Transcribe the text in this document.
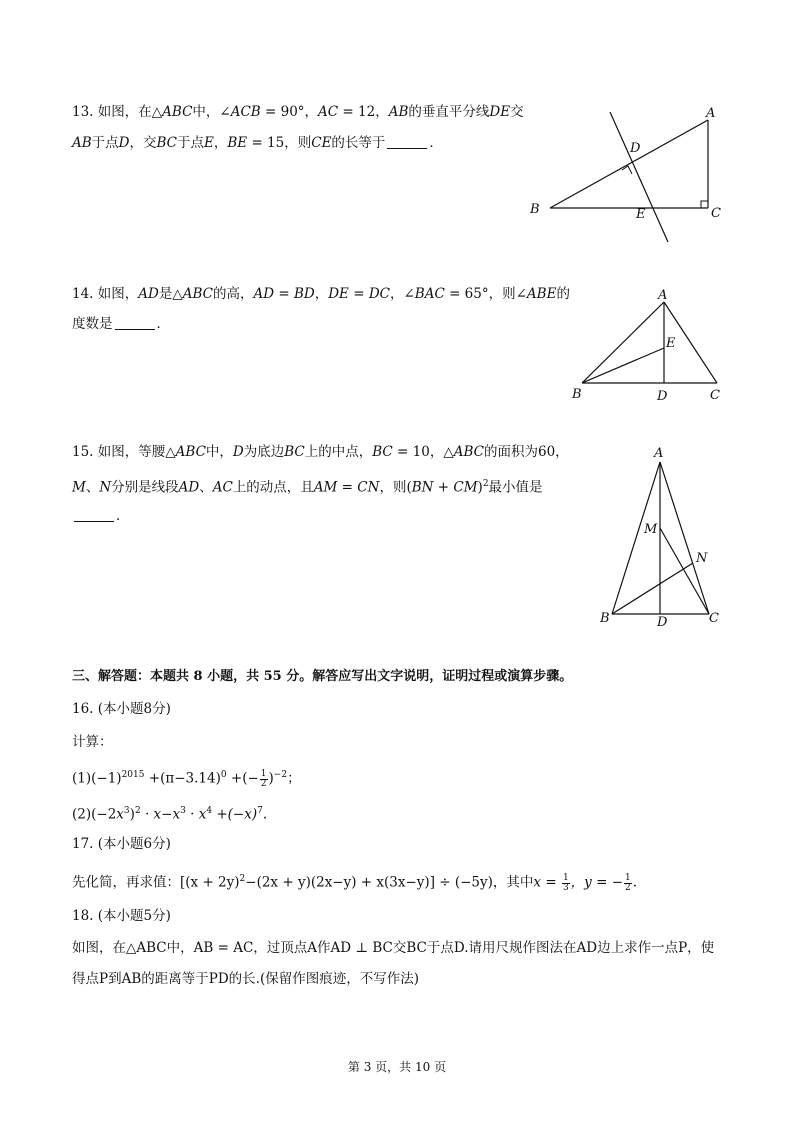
13. 如图，在△ABC中，∠ACB = 90°，AC = 12，AB的垂直平分线DE交
AB于点D，交BC于点E，BE = 15，则CE的长等于	．
A
B	C
D
E
14. 如图，AD是△ABC的高，AD = BD，DE = DC，∠BAC = 65°，则∠ABE的
度数是	．
A
B	C
D
E
15. 如图，等腰△ABC中，D为底边BC上的中点，BC = 10，△ABC的面积为60，
M、N分别是线段AD、AC上的动点，且AM = CN，则(BN + CM)$^2$最小值是
．
A
B	C
D
M
N
三、解答题：本题共 8 小题，共 55 分。解答应写出文字说明，证明过程或演算步骤。
16. (本小题8分)
计算：
$(1)(-1)^{2015} +(\pi-3.14)^0$ +(− $\frac{1}{2} )^{-2}$；
$(2)(-2x^3)^2 \cdot x-x^3 \cdot x^4 +(-x)^7$.
17. (本小题6分)
先化简，再求值：$[(x + 2y)^2-(2x + y)(2x-y) + x(3x-y)] \div (-5y)$，其中$x = \frac{1}{3}$ ，y = − $\frac{1}{2}$ .
18. (本小题5分)
如图，在△ABC中，AB = AC，过顶点A作AD ⊥ BC交BC于点D.请用尺规作图法在AD边上求作一点P，使
得点P到AB的距离等于PD的长.(保留作图痕迹，不写作法)
第 3 页，共 10 页
